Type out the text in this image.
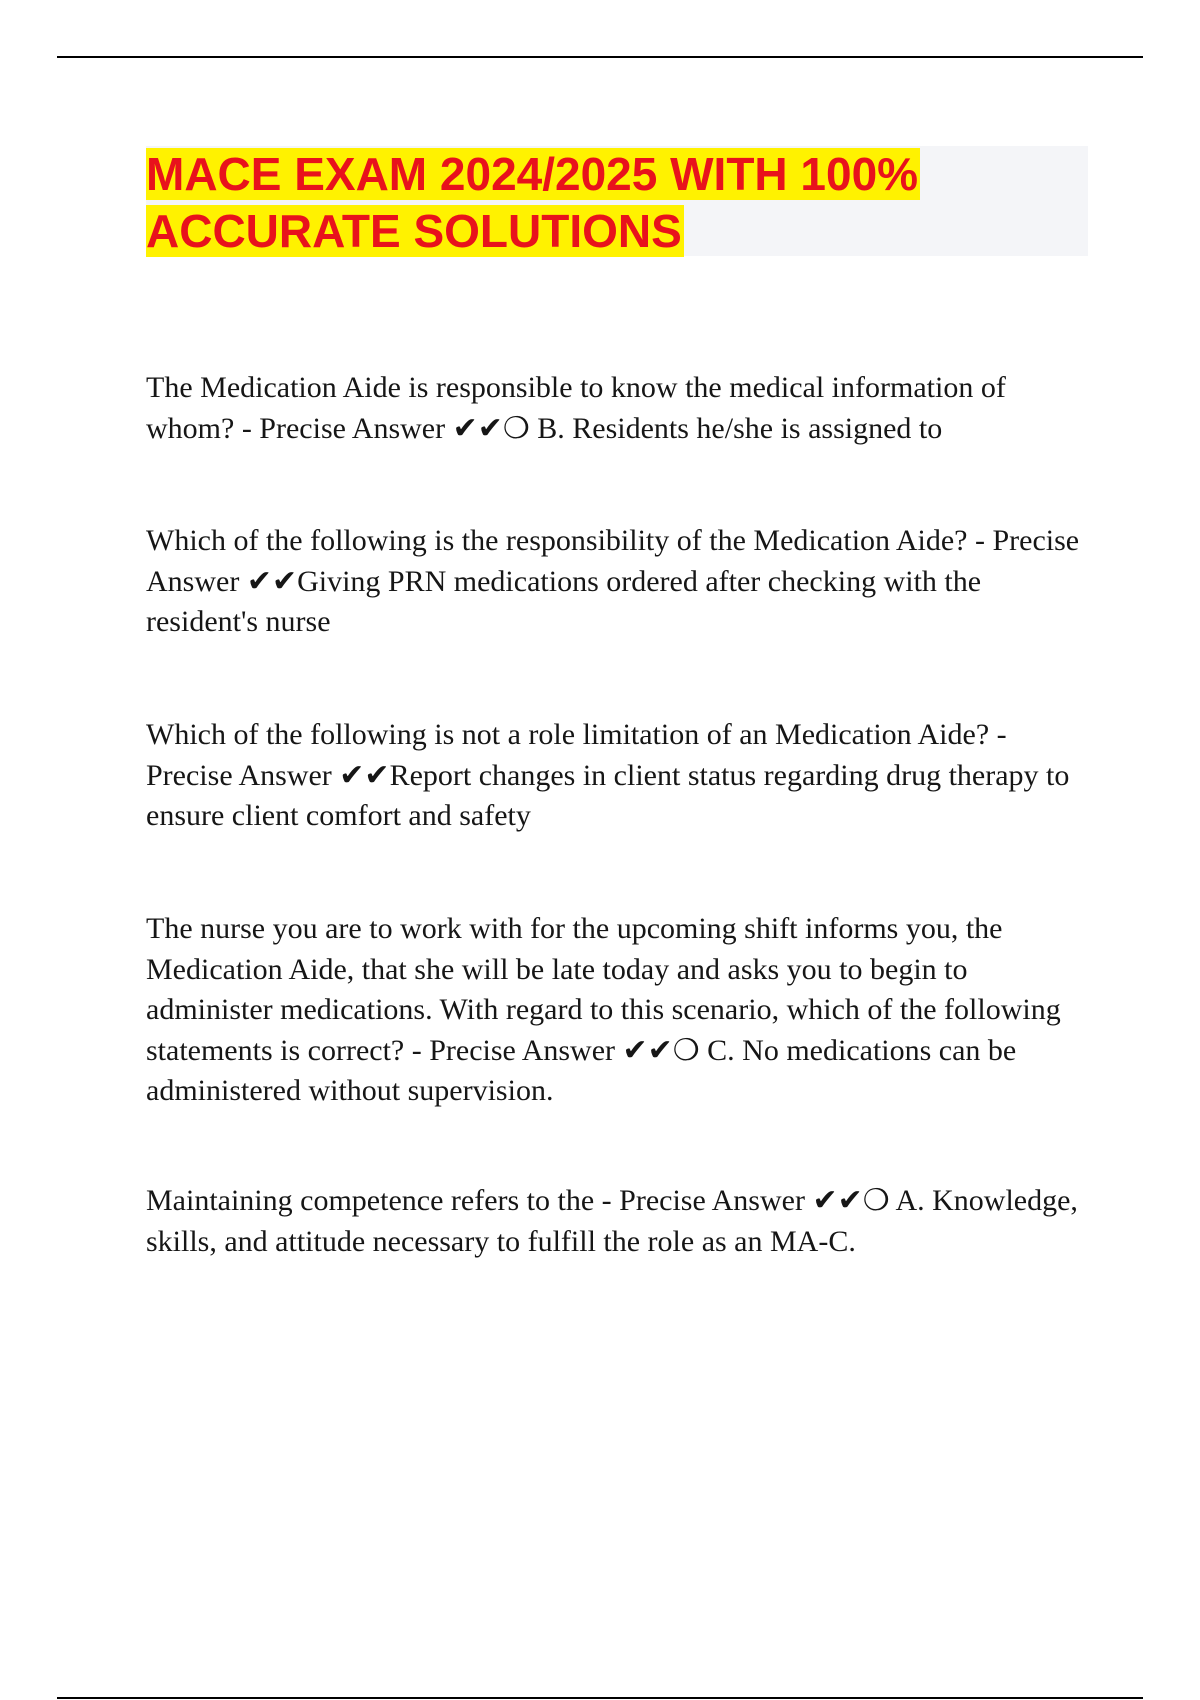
MACE EXAM 2024/2025 WITH 100% ACCURATE SOLUTIONS

The Medication Aide is responsible to know the medical information of whom? - Precise Answer ✔✔❍ B. Residents he/she is assigned to

Which of the following is the responsibility of the Medication Aide? - Precise Answer ✔✔Giving PRN medications ordered after checking with the resident's nurse

Which of the following is not a role limitation of an Medication Aide? - Precise Answer ✔✔Report changes in client status regarding drug therapy to ensure client comfort and safety

The nurse you are to work with for the upcoming shift informs you, the Medication Aide, that she will be late today and asks you to begin to administer medications. With regard to this scenario, which of the following statements is correct? - Precise Answer ✔✔❍ C. No medications can be administered without supervision.

Maintaining competence refers to the - Precise Answer ✔✔❍ A. Knowledge, skills, and attitude necessary to fulfill the role as an MA-C.
